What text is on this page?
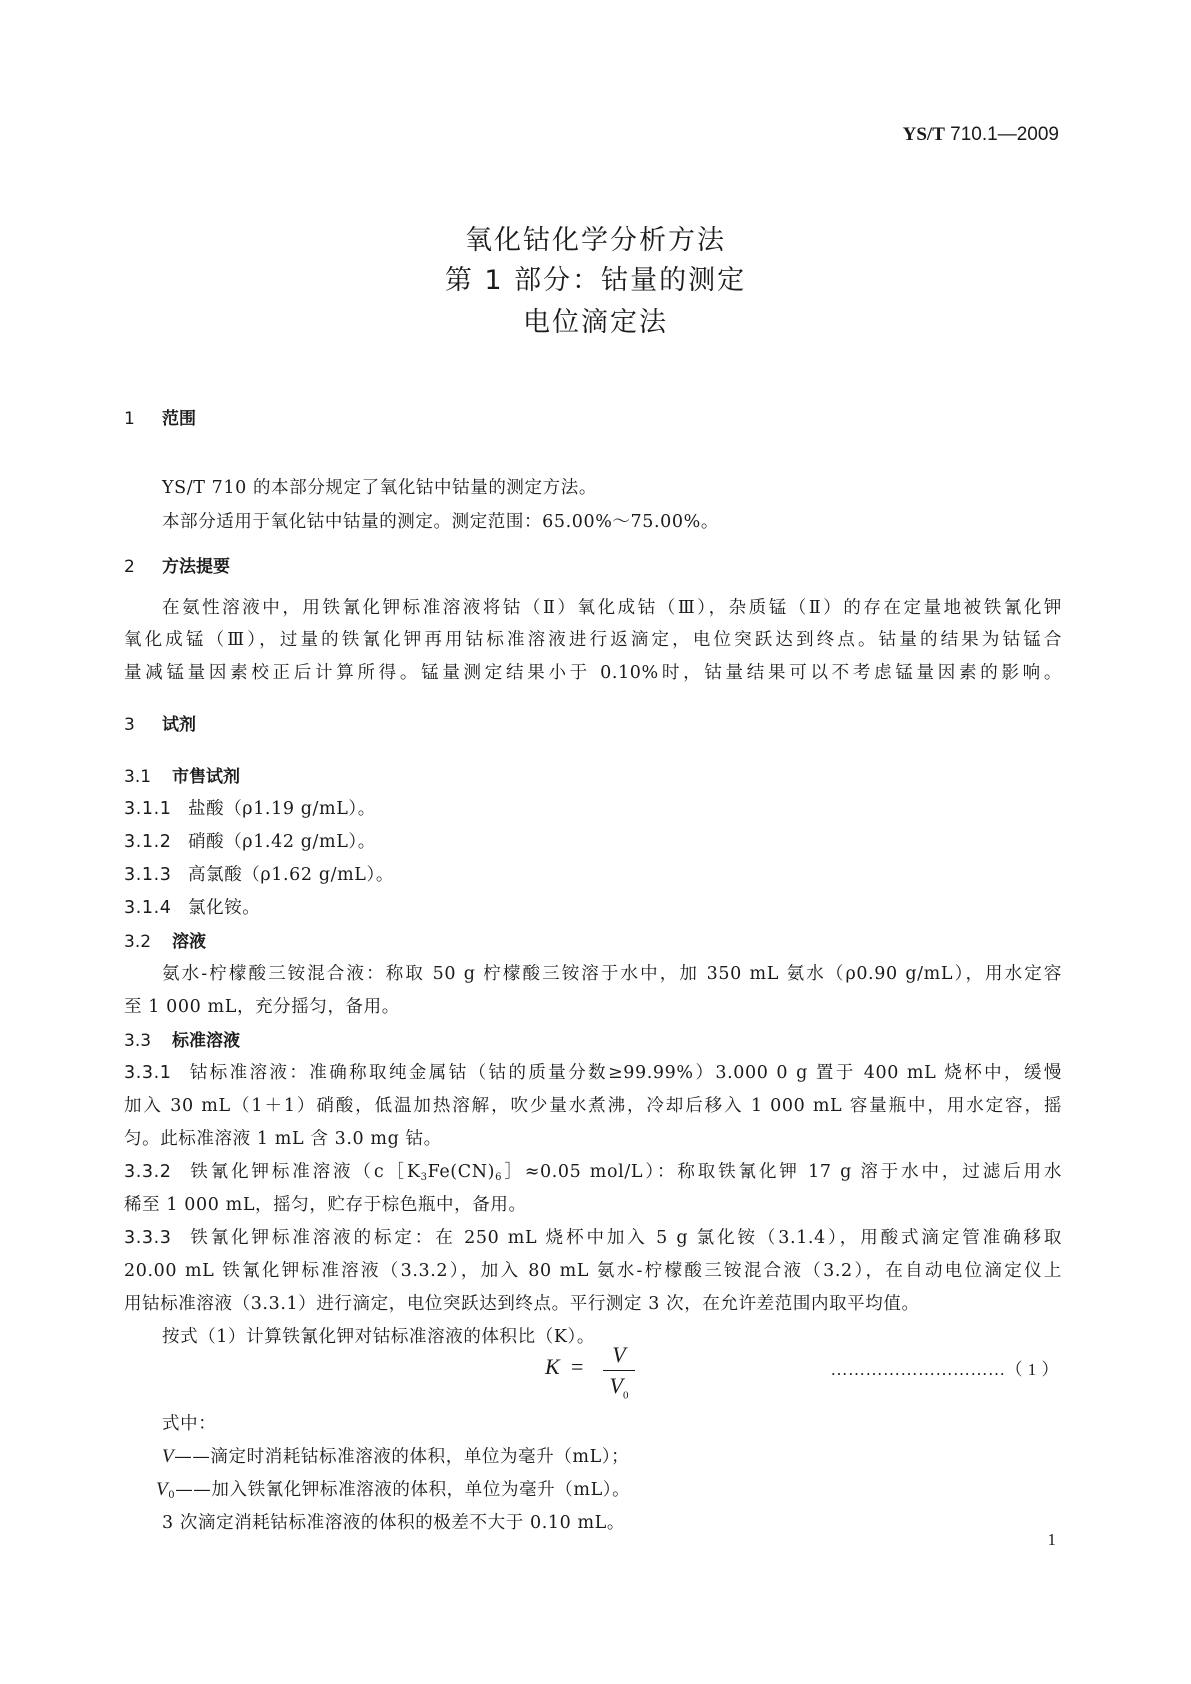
YS/T 710.1—2009
氧化钴化学分析方法
第 1 部分：钴量的测定
电位滴定法
1 范围
YS/T 710 的本部分规定了氧化钴中钴量的测定方法。
本部分适用于氧化钴中钴量的测定。测定范围：65.00%～75.00%。
2 方法提要
在氨性溶液中，用铁氰化钾标准溶液将钴（Ⅱ）氧化成钴（Ⅲ），杂质锰（Ⅱ）的存在定量地被铁氰化钾
氧化成锰（Ⅲ），过量的铁氰化钾再用钴标准溶液进行返滴定，电位突跃达到终点。钴量的结果为钴锰合
量减锰量因素校正后计算所得。锰量测定结果小于 0.10%时，钴量结果可以不考虑锰量因素的影响。
3 试剂
3.1 市售试剂
3.1.1 盐酸（ρ1.19 g/mL）。
3.1.2 硝酸（ρ1.42 g/mL）。
3.1.3 高氯酸（ρ1.62 g/mL）。
3.1.4 氯化铵。
3.2 溶液
氨水-柠檬酸三铵混合液：称取 50 g 柠檬酸三铵溶于水中，加 350 mL 氨水（ρ0.90 g/mL），用水定容
至 1 000 mL，充分摇匀，备用。
3.3 标准溶液
3.3.1 钴标准溶液：准确称取纯金属钴（钴的质量分数≥99.99%）3.000 0 g 置于 400 mL 烧杯中，缓慢
加入 30 mL（1＋1）硝酸，低温加热溶解，吹少量水煮沸，冷却后移入 1 000 mL 容量瓶中，用水定容，摇
匀。此标准溶液 1 mL 含 3.0 mg 钴。
3.3.2 铁氰化钾标准溶液（$c[K_3Fe(CN)_6]\approx 0.05$ mol/L）：称取铁氰化钾 17 g 溶于水中，过滤后用水
稀至 1 000 mL，摇匀，贮存于棕色瓶中，备用。
3.3.3 铁氰化钾标准溶液的标定：在 250 mL 烧杯中加入 5 g 氯化铵（3.1.4），用酸式滴定管准确移取
20.00 mL 铁氰化钾标准溶液（3.3.2），加入 80 mL 氨水-柠檬酸三铵混合液（3.2），在自动电位滴定仪上
用钴标准溶液（3.3.1）进行滴定，电位突跃达到终点。平行测定 3 次，在允许差范围内取平均值。
按式（1）计算铁氰化钾对钴标准溶液的体积比（K）。
K =	V
$V_0$
…………………………（ 1 ）
式中：
V——滴定时消耗钴标准溶液的体积，单位为毫升（mL）；
$V_0——$加入铁氰化钾标准溶液的体积，单位为毫升（mL）。
3 次滴定消耗钴标准溶液的体积的极差不大于 0.10 mL。
1
